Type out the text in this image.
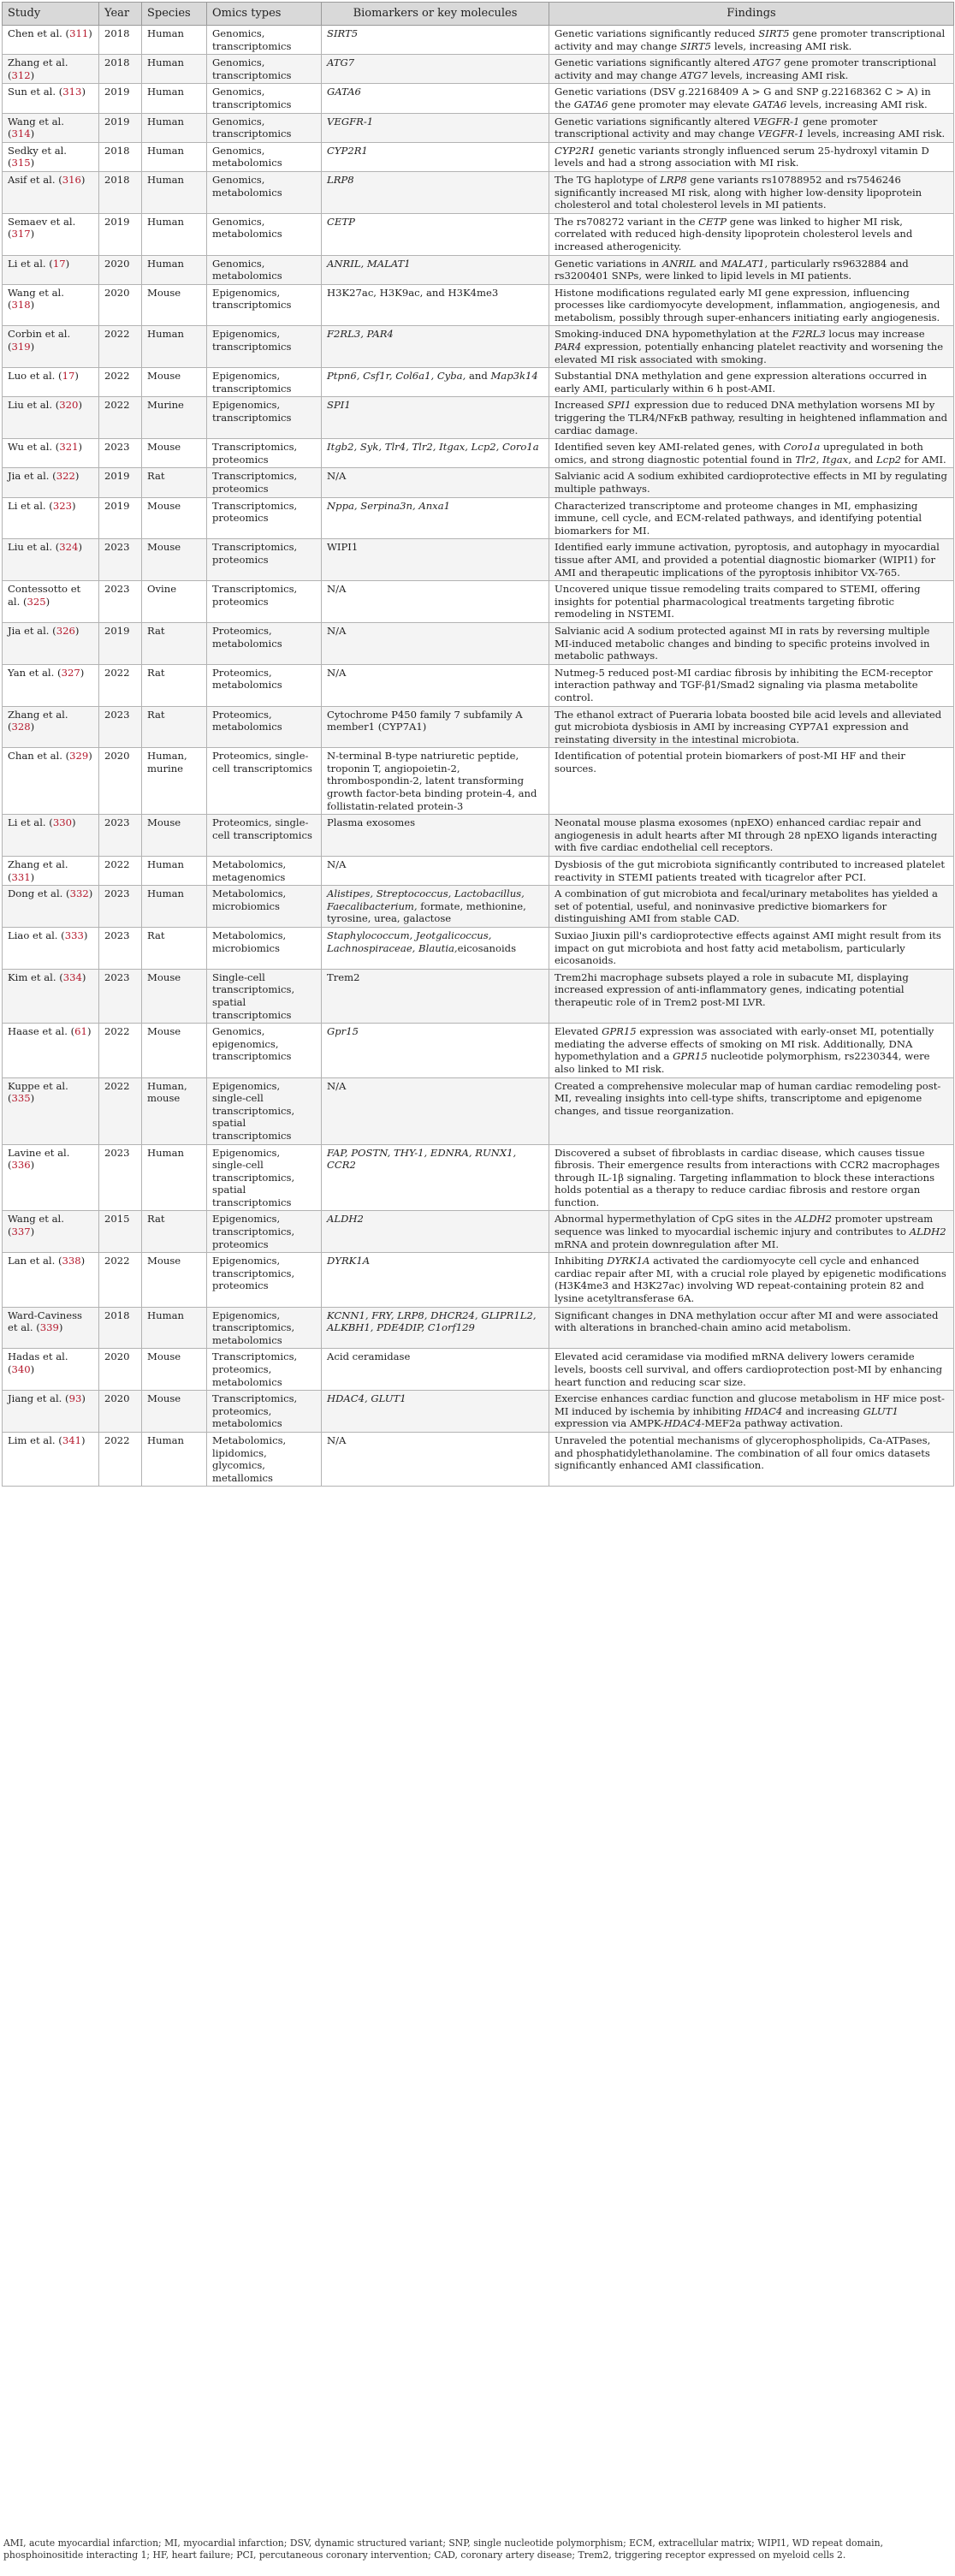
Study	Year	Species	Omics types	Biomarkers or key molecules	Findings
Chen et al. (311)	2018	Human	Genomics, transcriptomics	SIRT5	Genetic variations significantly reduced SIRT5 gene promoter transcriptional activity and may change SIRT5 levels, increasing AMI risk.
Zhang et al. (312)	2018	Human	Genomics, transcriptomics	ATG7	Genetic variations significantly altered ATG7 gene promoter transcriptional activity and may change ATG7 levels, increasing AMI risk.
Sun et al. (313)	2019	Human	Genomics, transcriptomics	GATA6	Genetic variations (DSV g.22168409 A > G and SNP g.22168362 C > A) in the GATA6 gene promoter may elevate GATA6 levels, increasing AMI risk.
Wang et al. (314)	2019	Human	Genomics, transcriptomics	VEGFR-1	Genetic variations significantly altered VEGFR-1 gene promoter transcriptional activity and may change VEGFR-1 levels, increasing AMI risk.
Sedky et al. (315)	2018	Human	Genomics, metabolomics	CYP2R1	CYP2R1 genetic variants strongly influenced serum 25-hydroxyl vitamin D levels and had a strong association with MI risk.
Asif et al. (316)	2018	Human	Genomics, metabolomics	LRP8	The TG haplotype of LRP8 gene variants rs10788952 and rs7546246 significantly increased MI risk, along with higher low-density lipoprotein cholesterol and total cholesterol levels in MI patients.
Semaev et al. (317)	2019	Human	Genomics, metabolomics	CETP	The rs708272 variant in the CETP gene was linked to higher MI risk, correlated with reduced high-density lipoprotein cholesterol levels and increased atherogenicity.
Li et al. (17)	2020	Human	Genomics, metabolomics	ANRIL, MALAT1	Genetic variations in ANRIL and MALAT1, particularly rs9632884 and rs3200401 SNPs, were linked to lipid levels in MI patients.
Wang et al. (318)	2020	Mouse	Epigenomics, transcriptomics	H3K27ac, H3K9ac, and H3K4me3	Histone modifications regulated early MI gene expression, influencing processes like cardiomyocyte development, inflammation, angiogenesis, and metabolism, possibly through super-enhancers initiating early angiogenesis.
Corbin et al. (319)	2022	Human	Epigenomics, transcriptomics	F2RL3, PAR4	Smoking-induced DNA hypomethylation at the F2RL3 locus may increase PAR4 expression, potentially enhancing platelet reactivity and worsening the elevated MI risk associated with smoking.
Luo et al. (17)	2022	Mouse	Epigenomics, transcriptomics	Ptpn6, Csf1r, Col6a1, Cyba, and Map3k14	Substantial DNA methylation and gene expression alterations occurred in early AMI, particularly within 6 h post-AMI.
Liu et al. (320)	2022	Murine	Epigenomics, transcriptomics	SPI1	Increased SPI1 expression due to reduced DNA methylation worsens MI by triggering the TLR4/NFκB pathway, resulting in heightened inflammation and cardiac damage.
Wu et al. (321)	2023	Mouse	Transcriptomics, proteomics	Itgb2, Syk, Tlr4, Tlr2, Itgax, Lcp2, Coro1a	Identified seven key AMI-related genes, with Coro1a upregulated in both omics, and strong diagnostic potential found in Tlr2, Itgax, and Lcp2 for AMI.
Jia et al. (322)	2019	Rat	Transcriptomics, proteomics	N/A	Salvianic acid A sodium exhibited cardioprotective effects in MI by regulating multiple pathways.
Li et al. (323)	2019	Mouse	Transcriptomics, proteomics	Nppa, Serpina3n, Anxa1	Characterized transcriptome and proteome changes in MI, emphasizing immune, cell cycle, and ECM-related pathways, and identifying potential biomarkers for MI.
Liu et al. (324)	2023	Mouse	Transcriptomics, proteomics	WIPI1	Identified early immune activation, pyroptosis, and autophagy in myocardial tissue after AMI, and provided a potential diagnostic biomarker (WIPI1) for AMI and therapeutic implications of the pyroptosis inhibitor VX-765.
Contessotto et al. (325)	2023	Ovine	Transcriptomics, proteomics	N/A	Uncovered unique tissue remodeling traits compared to STEMI, offering insights for potential pharmacological treatments targeting fibrotic remodeling in NSTEMI.
Jia et al. (326)	2019	Rat	Proteomics, metabolomics	N/A	Salvianic acid A sodium protected against MI in rats by reversing multiple MI-induced metabolic changes and binding to specific proteins involved in metabolic pathways.
Yan et al. (327)	2022	Rat	Proteomics, metabolomics	N/A	Nutmeg-5 reduced post-MI cardiac fibrosis by inhibiting the ECM-receptor interaction pathway and TGF-β1/Smad2 signaling via plasma metabolite control.
Zhang et al. (328)	2023	Rat	Proteomics, metabolomics	Cytochrome P450 family 7 subfamily A member1 (CYP7A1)	The ethanol extract of Pueraria lobata boosted bile acid levels and alleviated gut microbiota dysbiosis in AMI by increasing CYP7A1 expression and reinstating diversity in the intestinal microbiota.
Chan et al. (329)	2020	Human, murine	Proteomics, single-cell transcriptomics	N-terminal B-type natriuretic peptide, troponin T, angiopoietin-2, thrombospondin-2, latent transforming growth factor-beta binding protein-4, and follistatin-related protein-3	Identification of potential protein biomarkers of post-MI HF and their sources.
Li et al. (330)	2023	Mouse	Proteomics, single-cell transcriptomics	Plasma exosomes	Neonatal mouse plasma exosomes (npEXO) enhanced cardiac repair and angiogenesis in adult hearts after MI through 28 npEXO ligands interacting with five cardiac endothelial cell receptors.
Zhang et al. (331)	2022	Human	Metabolomics, metagenomics	N/A	Dysbiosis of the gut microbiota significantly contributed to increased platelet reactivity in STEMI patients treated with ticagrelor after PCI.
Dong et al. (332)	2023	Human	Metabolomics, microbiomics	Alistipes, Streptococcus, Lactobacillus, Faecalibacterium, formate, methionine, tyrosine, urea, galactose	A combination of gut microbiota and fecal/urinary metabolites has yielded a set of potential, useful, and noninvasive predictive biomarkers for distinguishing AMI from stable CAD.
Liao et al. (333)	2023	Rat	Metabolomics, microbiomics	Staphylococcum, Jeotgalicoccus, Lachnospiraceae, Blautia,eicosanoids	Suxiao Jiuxin pill's cardioprotective effects against AMI might result from its impact on gut microbiota and host fatty acid metabolism, particularly eicosanoids.
Kim et al. (334)	2023	Mouse	Single-cell transcriptomics, spatial transcriptomics	Trem2	Trem2hi macrophage subsets played a role in subacute MI, displaying increased expression of anti-inflammatory genes, indicating potential therapeutic role of in Trem2 post-MI LVR.
Haase et al. (61)	2022	Mouse	Genomics, epigenomics, transcriptomics	Gpr15	Elevated GPR15 expression was associated with early-onset MI, potentially mediating the adverse effects of smoking on MI risk. Additionally, DNA hypomethylation and a GPR15 nucleotide polymorphism, rs2230344, were also linked to MI risk.
Kuppe et al. (335)	2022	Human, mouse	Epigenomics, single-cell transcriptomics, spatial transcriptomics	N/A	Created a comprehensive molecular map of human cardiac remodeling post-MI, revealing insights into cell-type shifts, transcriptome and epigenome changes, and tissue reorganization.
Lavine et al. (336)	2023	Human	Epigenomics, single-cell transcriptomics, spatial transcriptomics	FAP, POSTN, THY-1, EDNRA, RUNX1, CCR2	Discovered a subset of fibroblasts in cardiac disease, which causes tissue fibrosis. Their emergence results from interactions with CCR2 macrophages through IL-1β signaling. Targeting inflammation to block these interactions holds potential as a therapy to reduce cardiac fibrosis and restore organ function.
Wang et al. (337)	2015	Rat	Epigenomics, transcriptomics, proteomics	ALDH2	Abnormal hypermethylation of CpG sites in the ALDH2 promoter upstream sequence was linked to myocardial ischemic injury and contributes to ALDH2 mRNA and protein downregulation after MI.
Lan et al. (338)	2022	Mouse	Epigenomics, transcriptomics, proteomics	DYRK1A	Inhibiting DYRK1A activated the cardiomyocyte cell cycle and enhanced cardiac repair after MI, with a crucial role played by epigenetic modifications (H3K4me3 and H3K27ac) involving WD repeat-containing protein 82 and lysine acetyltransferase 6A.
Ward-Caviness et al. (339)	2018	Human	Epigenomics, transcriptomics, metabolomics	KCNN1, FRY, LRP8, DHCR24, GLIPR1L2, ALKBH1, PDE4DIP, C1orf129	Significant changes in DNA methylation occur after MI and were associated with alterations in branched-chain amino acid metabolism.
Hadas et al. (340)	2020	Mouse	Transcriptomics, proteomics, metabolomics	Acid ceramidase	Elevated acid ceramidase via modified mRNA delivery lowers ceramide levels, boosts cell survival, and offers cardioprotection post-MI by enhancing heart function and reducing scar size.
Jiang et al. (93)	2020	Mouse	Transcriptomics, proteomics, metabolomics	HDAC4, GLUT1	Exercise enhances cardiac function and glucose metabolism in HF mice post-MI induced by ischemia by inhibiting HDAC4 and increasing GLUT1 expression via AMPK-HDAC4-MEF2a pathway activation.
Lim et al. (341)	2022	Human	Metabolomics, lipidomics, glycomics, metallomics	N/A	Unraveled the potential mechanisms of glycerophospholipids, Ca-ATPases, and phosphatidylethanolamine. The combination of all four omics datasets significantly enhanced AMI classification.
AMI, acute myocardial infarction; MI, myocardial infarction; DSV, dynamic structured variant; SNP, single nucleotide polymorphism; ECM, extracellular matrix; WIPI1, WD repeat domain, phosphoinositide interacting 1; HF, heart failure; PCI, percutaneous coronary intervention; CAD, coronary artery disease; Trem2, triggering receptor expressed on myeloid cells 2.
